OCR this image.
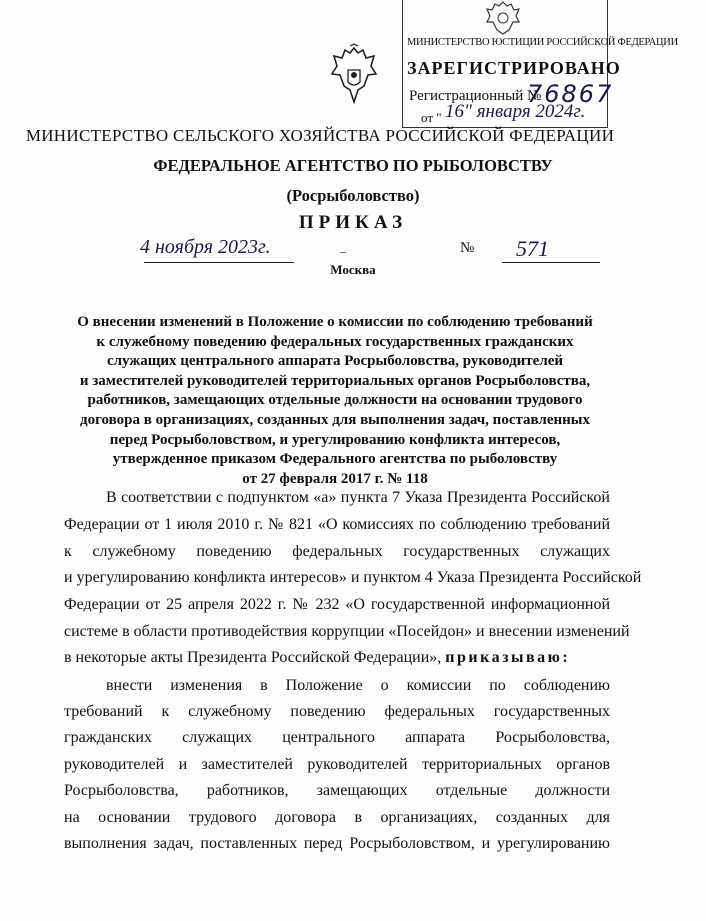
МИНИСТЕРСТВО ЮСТИЦИИ РОССИЙСКОЙ ФЕДЕРАЦИИ
ЗАРЕГИСТРИРОВАНО
Регистрационный №
76867
от " 16" января 2024г.
МИНИСТЕРСТВО СЕЛЬСКОГО ХОЗЯЙСТВА РОССИЙСКОЙ ФЕДЕРАЦИИ
ФЕДЕРАЛЬНОЕ АГЕНТСТВО ПО РЫБОЛОВСТВУ
(Росрыболовство)
ПРИКАЗ
4 ноября 2023г.	–	№ 571
Москва
О внесении изменений в Положение о комиссии по соблюдению требований
к служебному поведению федеральных государственных гражданских
служащих центрального аппарата Росрыболовства, руководителей
и заместителей руководителей территориальных органов Росрыболовства,
работников, замещающих отдельные должности на основании трудового
договора в организациях, созданных для выполнения задач, поставленных
перед Росрыболовством, и урегулированию конфликта интересов,
утвержденное приказом Федерального агентства по рыболовству
от 27 февраля 2017 г. № 118
В соответствии с подпунктом «а» пункта 7 Указа Президента Российской
Федерации от 1 июля 2010 г. № 821 «О комиссиях по соблюдению требований
к служебному поведению федеральных государственных служащих
и урегулированию конфликта интересов» и пунктом 4 Указа Президента Российской
Федерации от 25 апреля 2022 г. № 232 «О государственной информационной
системе в области противодействия коррупции «Посейдон» и внесении изменений
в некоторые акты Президента Российской Федерации», приказываю:
внести изменения в Положение о комиссии по соблюдению
требований к служебному поведению федеральных государственных
гражданских служащих центрального аппарата Росрыболовства,
руководителей и заместителей руководителей территориальных органов
Росрыболовства, работников, замещающих отдельные должности
на основании трудового договора в организациях, созданных для
выполнения задач, поставленных перед Росрыболовством, и урегулированию
